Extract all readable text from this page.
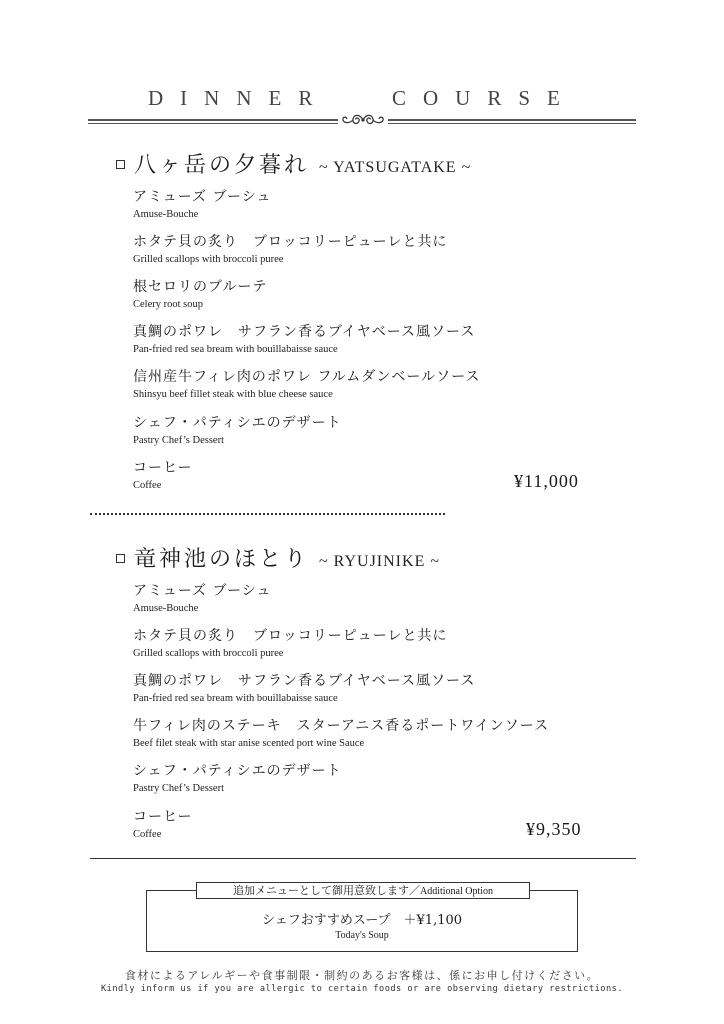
DINNER	COURSE
八ヶ岳の夕暮れ ~ YATSUGATAKE ~
アミューズ ブーシュ
Amuse-Bouche
ホタテ貝の炙り　ブロッコリーピューレと共に
Grilled scallops with broccoli puree
根セロリのブルーテ
Celery root soup
真鯛のポワレ　サフラン香るブイヤベース風ソース
Pan-fried red sea bream with bouillabaisse sauce
信州産牛フィレ肉のポワレ フルムダンベールソース
Shinsyu beef fillet steak with blue cheese sauce
シェフ・パティシエのデザート
Pastry Chef’s Dessert
コーヒー
Coffee	¥11,000
竜神池のほとり ~ RYUJINIKE ~
アミューズ ブーシュ
Amuse-Bouche
ホタテ貝の炙り　ブロッコリーピューレと共に
Grilled scallops with broccoli puree
真鯛のポワレ　サフラン香るブイヤベース風ソース
Pan-fried red sea bream with bouillabaisse sauce
牛フィレ肉のステーキ　スターアニス香るポートワインソース
Beef filet steak with star anise scented port wine Sauce
シェフ・パティシエのデザート
Pastry Chef’s Dessert
コーヒー
Coffee	¥9,350
追加メニューとして御用意致します／Additional Option
シェフおすすめスープ　＋¥1,100
Today's Soup
食材によるアレルギーや食事制限・制約のあるお客様は、係にお申し付けください。
Kindly inform us if you are allergic to certain foods or are observing dietary restrictions.
